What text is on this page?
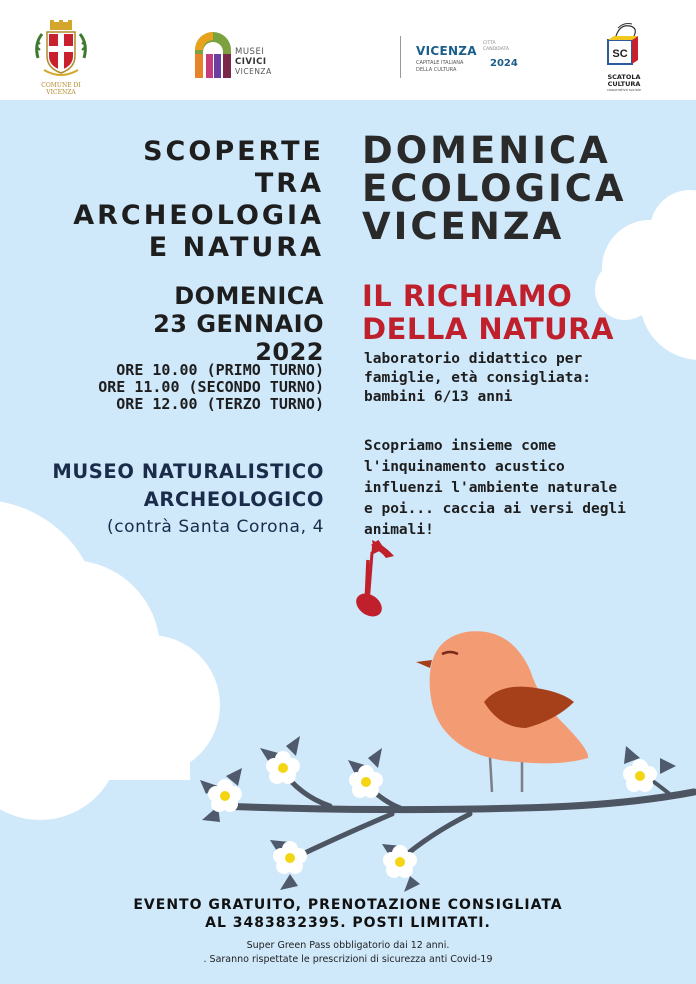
COMUNE DI VICENZA
MUSEI
CIVICI
VICENZA
VICENZA
CITTÀ
CANDIDATA
CAPITALE ITALIANA
DELLA CULTURA
2024
SC
SCATOLA
CULTURA
cooperativa sociale
SCOPERTE
TRA
ARCHEOLOGIA
E NATURA
DOMENICA
23 GENNAIO
2022
ORE 10.00 (PRIMO TURNO)
ORE 11.00 (SECONDO TURNO)
ORE 12.00 (TERZO TURNO)
MUSEO NATURALISTICO
ARCHEOLOGICO
(contrà Santa Corona, 4
DOMENICA
ECOLOGICA
VICENZA
IL RICHIAMO
DELLA NATURA
laboratorio didattico per
famiglie, età consigliata:
bambini 6/13 anni
Scopriamo insieme come
l'inquinamento acustico
influenzi l'ambiente naturale
e poi... caccia ai versi degli
animali!
EVENTO GRATUITO, PRENOTAZIONE CONSIGLIATA
AL 3483832395. POSTI LIMITATI.
Super Green Pass obbligatorio dai 12 anni.
. Saranno rispettate le prescrizioni di sicurezza anti Covid-19
